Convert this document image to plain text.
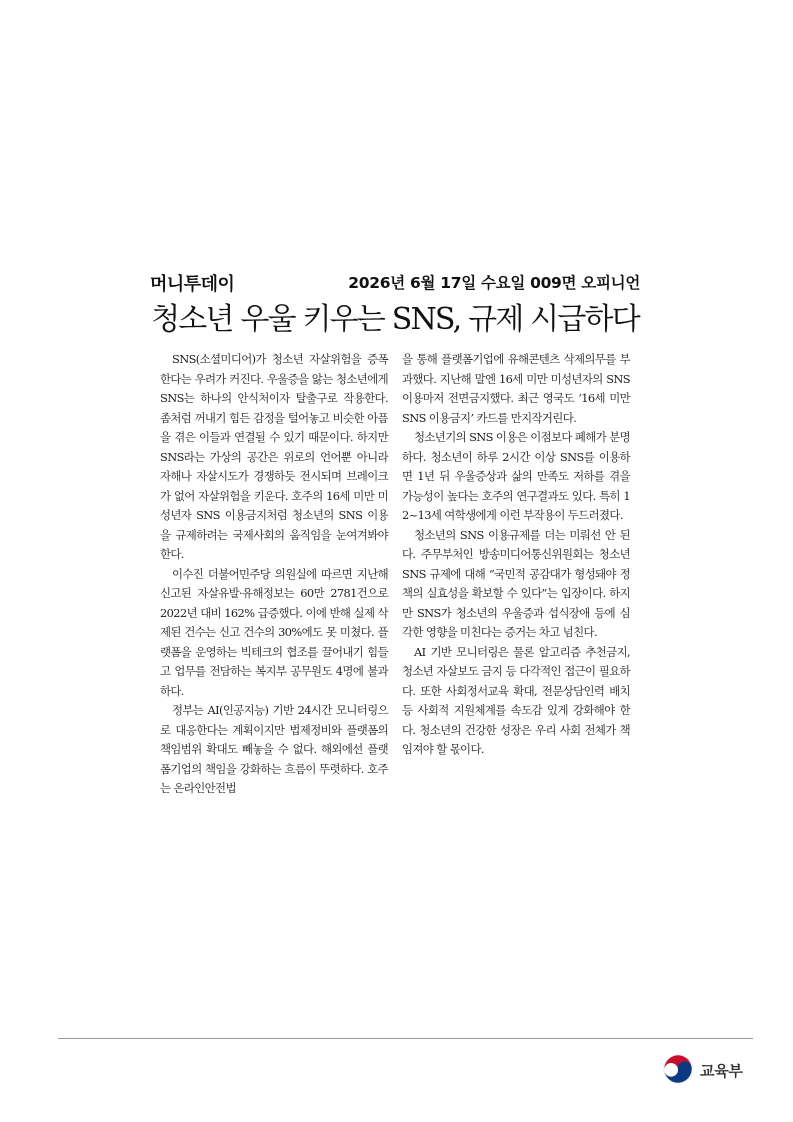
머니투데이	2026년 6월 17일 수요일 009면 오피니언
청소년 우울 키우는 SNS, 규제 시급하다

SNS(소셜미디어)가 청소년 자살위험을 증폭한다는 우려가 커진다. 우울증을 앓는 청소년에게 SNS는 하나의 안식처이자 탈출구로 작용한다. 좀처럼 꺼내기 힘든 감정을 털어놓고 비슷한 아픔을 겪은 이들과 연결될 수 있기 때문이다. 하지만 SNS라는 가상의 공간은 위로의 언어뿐 아니라 자해나 자살시도가 경쟁하듯 전시되며 브레이크가 없어 자살위험을 키운다. 호주의 16세 미만 미성년자 SNS 이용금지처럼 청소년의 SNS 이용을 규제하려는 국제사회의 움직임을 눈여겨봐야 한다.

이수진 더불어민주당 의원실에 따르면 지난해 신고된 자살유발·유해정보는 60만 2781건으로 2022년 대비 162% 급증했다. 이에 반해 실제 삭제된 건수는 신고 건수의 30%에도 못 미쳤다. 플랫폼을 운영하는 빅테크의 협조를 끌어내기 힘들고 업무를 전담하는 복지부 공무원도 4명에 불과하다.

정부는 AI(인공지능) 기반 24시간 모니터링으로 대응한다는 계획이지만 법제정비와 플랫폼의 책임범위 확대도 빼놓을 수 없다. 해외에선 플랫폼기업의 책임을 강화하는 흐름이 뚜렷하다. 호주는 온라인안전법

을 통해 플랫폼기업에 유해콘텐츠 삭제의무를 부과했다. 지난해 말엔 16세 미만 미성년자의 SNS 이용마저 전면금지했다. 최근 영국도 ‘16세 미만 SNS 이용금지’ 카드를 만지작거린다.

청소년기의 SNS 이용은 이점보다 폐해가 분명하다. 청소년이 하루 2시간 이상 SNS를 이용하면 1년 뒤 우울증상과 삶의 만족도 저하를 겪을 가능성이 높다는 호주의 연구결과도 있다. 특히 12~13세 여학생에게 이런 부작용이 두드러졌다.

청소년의 SNS 이용규제를 더는 미뤄선 안 된다. 주무부처인 방송미디어통신위원회는 청소년 SNS 규제에 대해 “국민적 공감대가 형성돼야 정책의 실효성을 확보할 수 있다”는 입장이다. 하지만 SNS가 청소년의 우울증과 섭식장애 등에 심각한 영향을 미친다는 증거는 차고 넘친다.

AI 기반 모니터링은 물론 알고리즘 추천금지, 청소년 자살보도 금지 등 다각적인 접근이 필요하다. 또한 사회정서교육 확대, 전문상담인력 배치 등 사회적 지원체계를 속도감 있게 강화해야 한다. 청소년의 건강한 성장은 우리 사회 전체가 책임져야 할 몫이다.

교육부
